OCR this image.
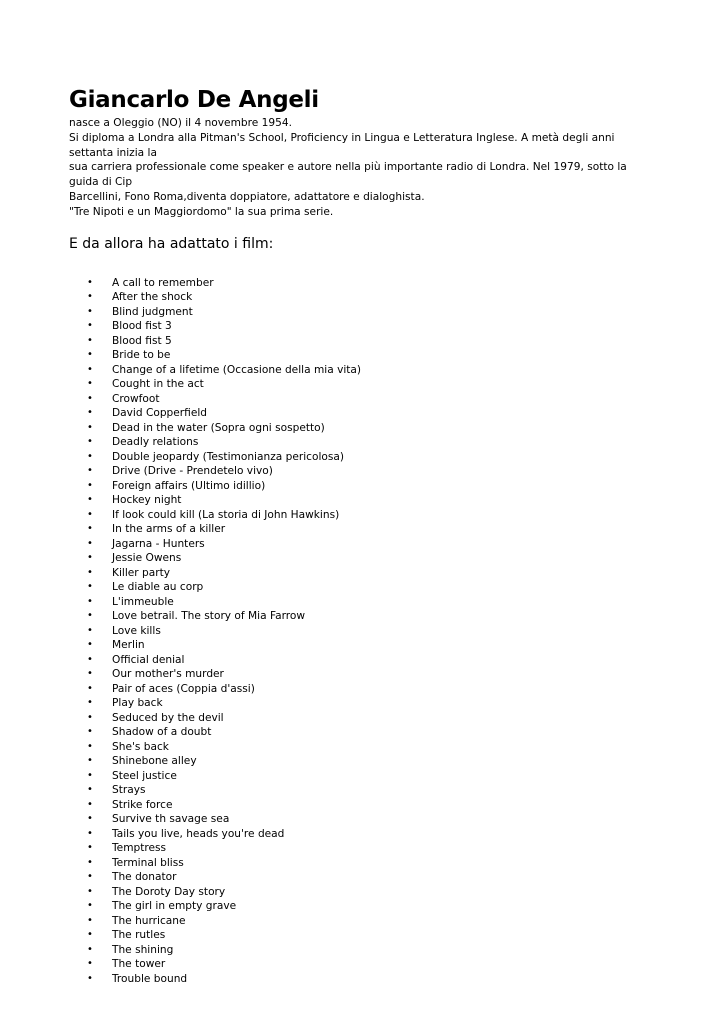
Giancarlo De Angeli

nasce a Oleggio (NO) il 4 novembre 1954.
Si diploma a Londra alla Pitman's School, Proficiency in Lingua e Letteratura Inglese. A metà degli anni settanta inizia la
sua carriera professionale come speaker e autore nella più importante radio di Londra. Nel 1979, sotto la guida di Cip
Barcellini, Fono Roma,diventa doppiatore, adattatore e dialoghista.
"Tre Nipoti e un Maggiordomo" la sua prima serie.

E da allora ha adattato i film:
• A call to remember
• After the shock
• Blind judgment
• Blood fist 3
• Blood fist 5
• Bride to be
• Change of a lifetime (Occasione della mia vita)
• Cought in the act
• Crowfoot
• David Copperfield
• Dead in the water (Sopra ogni sospetto)
• Deadly relations
• Double jeopardy (Testimonianza pericolosa)
• Drive (Drive - Prendetelo vivo)
• Foreign affairs (Ultimo idillio)
• Hockey night
• If look could kill (La storia di John Hawkins)
• In the arms of a killer
• Jagarna - Hunters
• Jessie Owens
• Killer party
• Le diable au corp
• L'immeuble
• Love betrail. The story of Mia Farrow
• Love kills
• Merlin
• Official denial
• Our mother's murder
• Pair of aces (Coppia d'assi)
• Play back
• Seduced by the devil
• Shadow of a doubt
• She's back
• Shinebone alley
• Steel justice
• Strays
• Strike force
• Survive th savage sea
• Tails you live, heads you're dead
• Temptress
• Terminal bliss
• The donator
• The Doroty Day story
• The girl in empty grave
• The hurricane
• The rutles
• The shining
• The tower
• Trouble bound
